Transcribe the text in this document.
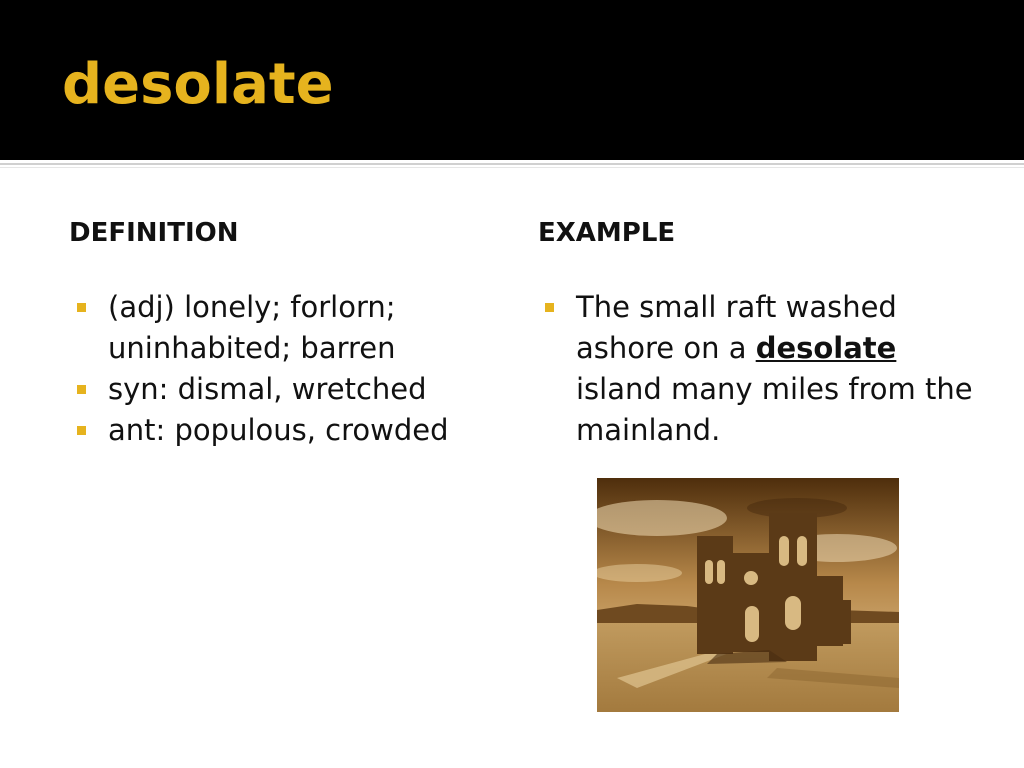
desolate
DEFINITION
(adj) lonely; forlorn; uninhabited; barren
syn: dismal, wretched
ant: populous, crowded
EXAMPLE
The small raft washed ashore on a desolate island many miles from the mainland.
